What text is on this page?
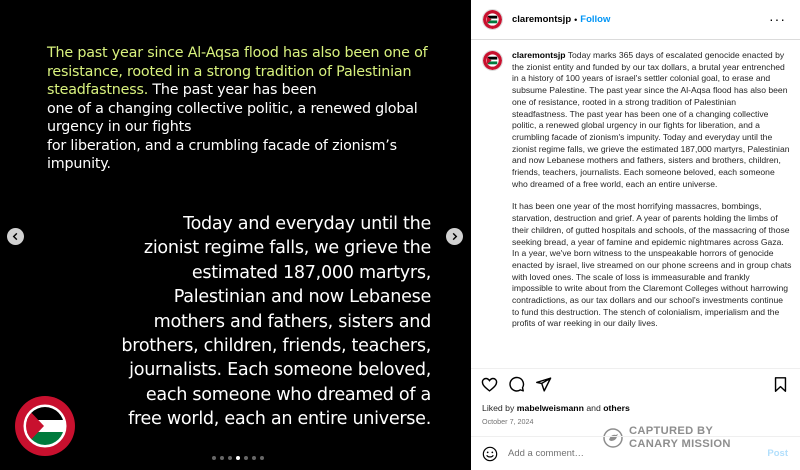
The past year since Al-Aqsa flood has also been one of resistance, rooted in a strong tradition of Palestinian steadfastness. The past year has been
one of a changing collective politic, a renewed global
urgency in our fights
for liberation, and a crumbling facade of zionism’s
impunity.
Today and everyday until the
zionist regime falls, we grieve the
estimated 187,000 martyrs,
Palestinian and now Lebanese
mothers and fathers, sisters and
brothers, children, friends, teachers,
journalists. Each someone beloved,
each someone who dreamed of a
free world, each an entire universe.
claremontsjp • Follow	···
claremontsjp Today marks 365 days of escalated genocide enacted by the zionist entity and funded by our tax dollars, a brutal year entrenched in a history of 100 years of israel's settler colonial goal, to erase and subsume Palestine. The past year since the Al-Aqsa flood has also been one of resistance, rooted in a strong tradition of Palestinian steadfastness. The past year has been one of a changing collective politic, a renewed global urgency in our fights for liberation, and a crumbling facade of zionism's impunity. Today and everyday until the zionist regime falls, we grieve the estimated 187,000 martyrs, Palestinian and now Lebanese mothers and fathers, sisters and brothers, children, friends, teachers, journalists. Each someone beloved, each someone who dreamed of a free world, each an entire universe.
It has been one year of the most horrifying massacres, bombings, starvation, destruction and grief. A year of parents holding the limbs of their children, of gutted hospitals and schools, of the massacring of those seeking bread, a year of famine and epidemic nightmares across Gaza. In a year, we've born witness to the unspeakable horrors of genocide enacted by israel, live streamed on our phone screens and in group chats with loved ones. The scale of loss is immeasurable and frankly impossible to write about from the Claremont Colleges without harrowing contradictions, as our tax dollars and our school's investments continue to fund this destruction. The stench of colonialism, imperialism and the profits of war reeking in our daily lives.
Liked by mabelweismann and others
October 7, 2024
CAPTURED BY
CANARY MISSION
Add a comment…
Post
